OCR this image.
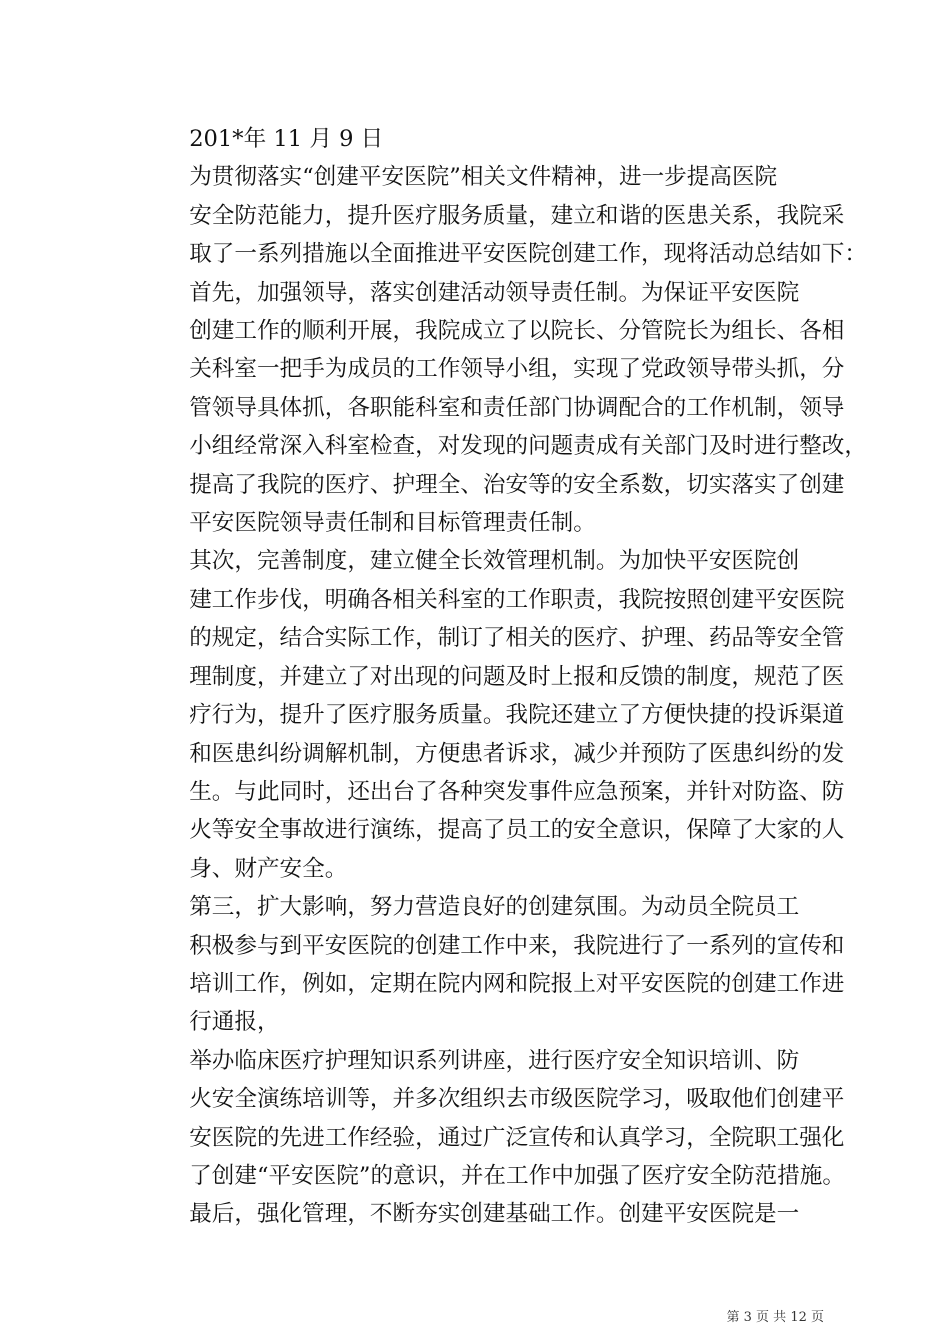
201*年 11 月 9 日

为贯彻落实“创建平安医院”相关文件精神，进一步提高医院
安全防范能力，提升医疗服务质量，建立和谐的医患关系，我院采
取了一系列措施以全面推进平安医院创建工作，现将活动总结如下：

首先，加强领导，落实创建活动领导责任制。为保证平安医院
创建工作的顺利开展，我院成立了以院长、分管院长为组长、各相
关科室一把手为成员的工作领导小组，实现了党政领导带头抓，分
管领导具体抓，各职能科室和责任部门协调配合的工作机制，领导
小组经常深入科室检查，对发现的问题责成有关部门及时进行整改，
提高了我院的医疗、护理全、治安等的安全系数，切实落实了创建
平安医院领导责任制和目标管理责任制。

其次，完善制度，建立健全长效管理机制。为加快平安医院创
建工作步伐，明确各相关科室的工作职责，我院按照创建平安医院
的规定，结合实际工作，制订了相关的医疗、护理、药品等安全管
理制度，并建立了对出现的问题及时上报和反馈的制度，规范了医
疗行为，提升了医疗服务质量。我院还建立了方便快捷的投诉渠道
和医患纠纷调解机制，方便患者诉求，减少并预防了医患纠纷的发
生。与此同时，还出台了各种突发事件应急预案，并针对防盗、防
火等安全事故进行演练，提高了员工的安全意识，保障了大家的人
身、财产安全。

第三，扩大影响，努力营造良好的创建氛围。为动员全院员工
积极参与到平安医院的创建工作中来，我院进行了一系列的宣传和
培训工作，例如，定期在院内网和院报上对平安医院的创建工作进
行通报，

举办临床医疗护理知识系列讲座，进行医疗安全知识培训、防
火安全演练培训等，并多次组织去市级医院学习，吸取他们创建平
安医院的先进工作经验，通过广泛宣传和认真学习，全院职工强化
了创建“平安医院”的意识，并在工作中加强了医疗安全防范措施。

最后，强化管理，不断夯实创建基础工作。创建平安医院是一

第 3 页 共 12 页
